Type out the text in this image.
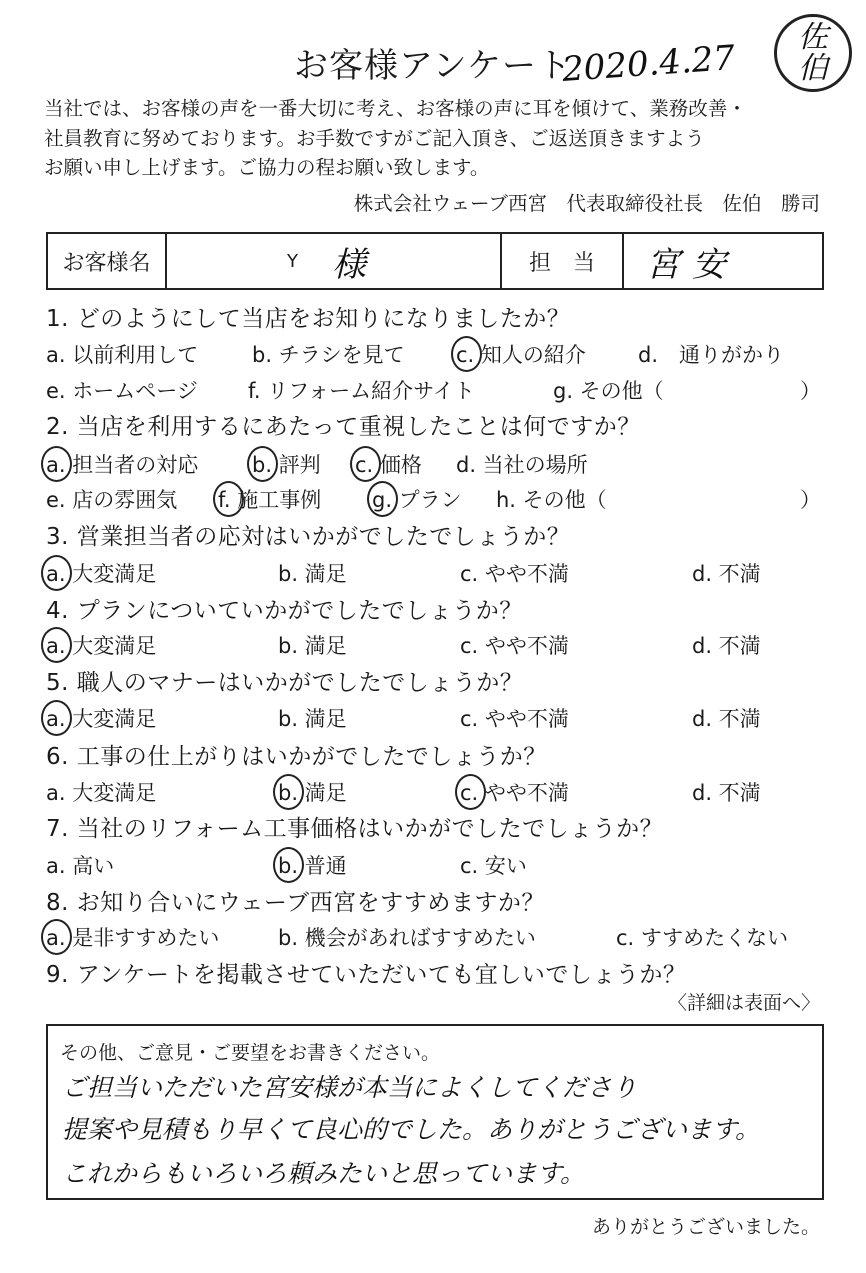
お客様アンケート
2020.4.27
佐
伯
当社では、お客様の声を一番大切に考え、お客様の声に耳を傾けて、業務改善・
社員教育に努めております。お手数ですがご記入頂き、ご返送頂きますよう
お願い申し上げます。ご協力の程お願い致します。
株式会社ウェーブ西宮　代表取締役社長　佐伯　勝司
お客様名	Y 様	担当 宮安
1. どのようにして当店をお知りになりましたか？
a. 以前利用して	b. チラシを見て c. 知人の紹介 d.　通りがかり
e. ホームページ f. リフォーム紹介サイト	g. その他（	）
2. 当店を利用するにあたって重視したことは何ですか？
a. 担当者の対応	b. 評判 c. 価格 d. 当社の場所
e. 店の雰囲気 f. 施工事例 g. プラン h. その他（	）
3. 営業担当者の応対はいかがでしたでしょうか？
a. 大変満足	b. 満足	c. やや不満	d. 不満
4. プランについていかがでしたでしょうか？
a. 大変満足	b. 満足	c. やや不満	d. 不満
5. 職人のマナーはいかがでしたでしょうか？
a. 大変満足	b. 満足	c. やや不満	d. 不満
6. 工事の仕上がりはいかがでしたでしょうか？
a. 大変満足	b. 満足	c. やや不満	d. 不満
7. 当社のリフォーム工事価格はいかがでしたでしょうか？
a. 高い	b. 普通	c. 安い
8. お知り合いにウェーブ西宮をすすめますか？
a. 是非すすめたい	b. 機会があればすすめたい	c. すすめたくない
9. アンケートを掲載させていただいても宜しいでしょうか？
〈詳細は表面へ〉
その他、ご意見・ご要望をお書きください。
ご担当いただいた宮安様が本当によくしてくださり
提案や見積もり早くて良心的でした。ありがとうございます。
これからもいろいろ頼みたいと思っています。
ありがとうございました。
